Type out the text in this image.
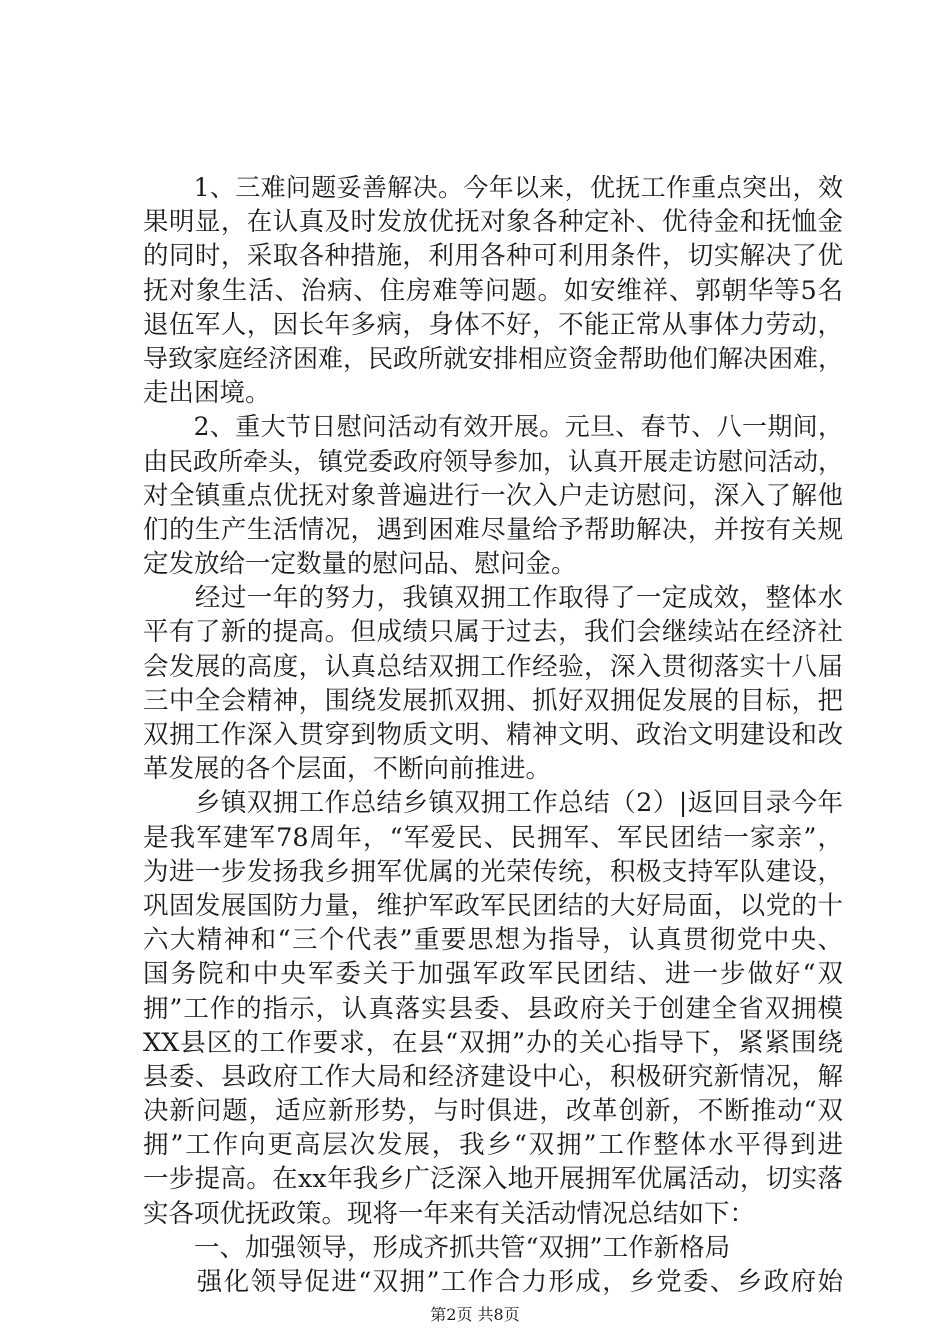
　　1、三难问题妥善解决。今年以来，优抚工作重点突出，效
果明显，在认真及时发放优抚对象各种定补、优待金和抚恤金
的同时，采取各种措施，利用各种可利用条件，切实解决了优
抚对象生活、治病、住房难等问题。如安维祥、郭朝华等5名
退伍军人，因长年多病，身体不好，不能正常从事体力劳动，
导致家庭经济困难，民政所就安排相应资金帮助他们解决困难，
走出困境。
　　2、重大节日慰问活动有效开展。元旦、春节、八一期间，
由民政所牵头，镇党委政府领导参加，认真开展走访慰问活动，
对全镇重点优抚对象普遍进行一次入户走访慰问，深入了解他
们的生产生活情况，遇到困难尽量给予帮助解决，并按有关规
定发放给一定数量的慰问品、慰问金。
　　经过一年的努力，我镇双拥工作取得了一定成效，整体水
平有了新的提高。但成绩只属于过去，我们会继续站在经济社
会发展的高度，认真总结双拥工作经验，深入贯彻落实十八届
三中全会精神，围绕发展抓双拥、抓好双拥促发展的目标，把
双拥工作深入贯穿到物质文明、精神文明、政治文明建设和改
革发展的各个层面，不断向前推进。
　　乡镇双拥工作总结乡镇双拥工作总结（2）|返回目录今年
是我军建军78周年，“军爱民、民拥军、军民团结一家亲”，
为进一步发扬我乡拥军优属的光荣传统，积极支持军队建设，
巩固发展国防力量，维护军政军民团结的大好局面，以党的十
六大精神和“三个代表”重要思想为指导，认真贯彻党中央、
国务院和中央军委关于加强军政军民团结、进一步做好“双
拥”工作的指示，认真落实县委、县政府关于创建全省双拥模
XX县区的工作要求，在县“双拥”办的关心指导下，紧紧围绕
县委、县政府工作大局和经济建设中心，积极研究新情况，解
决新问题，适应新形势，与时俱进，改革创新，不断推动“双
拥”工作向更高层次发展，我乡“双拥”工作整体水平得到进
一步提高。在xx年我乡广泛深入地开展拥军优属活动，切实落
实各项优抚政策。现将一年来有关活动情况总结如下：
　　一、加强领导，形成齐抓共管“双拥”工作新格局
　　强化领导促进“双拥”工作合力形成，乡党委、乡政府始
第2页 共8页
